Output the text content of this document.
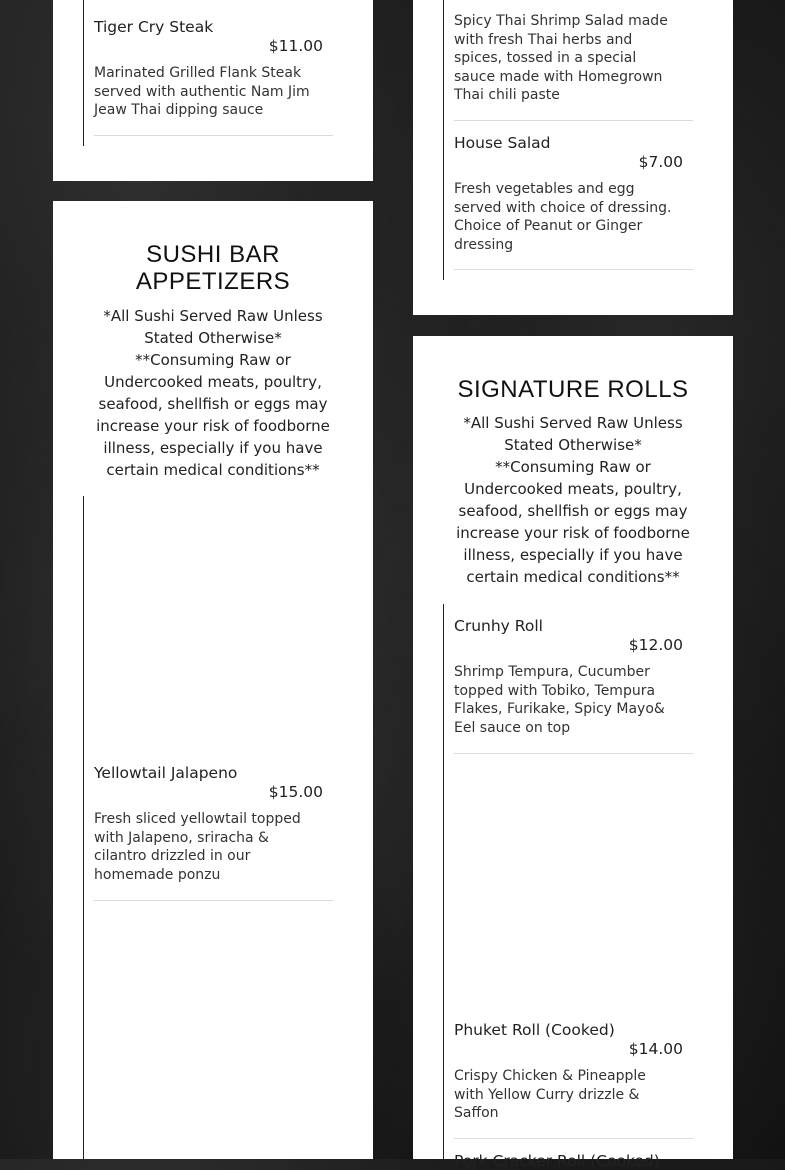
Tiger Cry Steak
$11.00
Marinated Grilled Flank Steak served with authentic Nam Jim Jeaw Thai dipping sauce
Spicy Thai Shrimp Salad made with fresh Thai herbs and spices, tossed in a special sauce made with Homegrown Thai chili paste
House Salad
$7.00
Fresh vegetables and egg served with choice of dressing. Choice of Peanut or Ginger dressing
SUSHI BAR APPETIZERS
*All Sushi Served Raw Unless Stated Otherwise* **Consuming Raw or Undercooked meats, poultry, seafood, shellfish or eggs may increase your risk of foodborne illness, especially if you have certain medical conditions**
Yellowtail Jalapeno
$15.00
Fresh sliced yellowtail topped with Jalapeno, sriracha & cilantro drizzled in our homemade ponzu
SIGNATURE ROLLS
*All Sushi Served Raw Unless Stated Otherwise* **Consuming Raw or Undercooked meats, poultry, seafood, shellfish or eggs may increase your risk of foodborne illness, especially if you have certain medical conditions**
Crunhy Roll
$12.00
Shrimp Tempura, Cucumber topped with Tobiko, Tempura Flakes, Furikake, Spicy Mayo& Eel sauce on top
Phuket Roll (Cooked)
$14.00
Crispy Chicken & Pineapple with Yellow Curry drizzle & Saffon
Pork Cracker Roll (Cooked)
